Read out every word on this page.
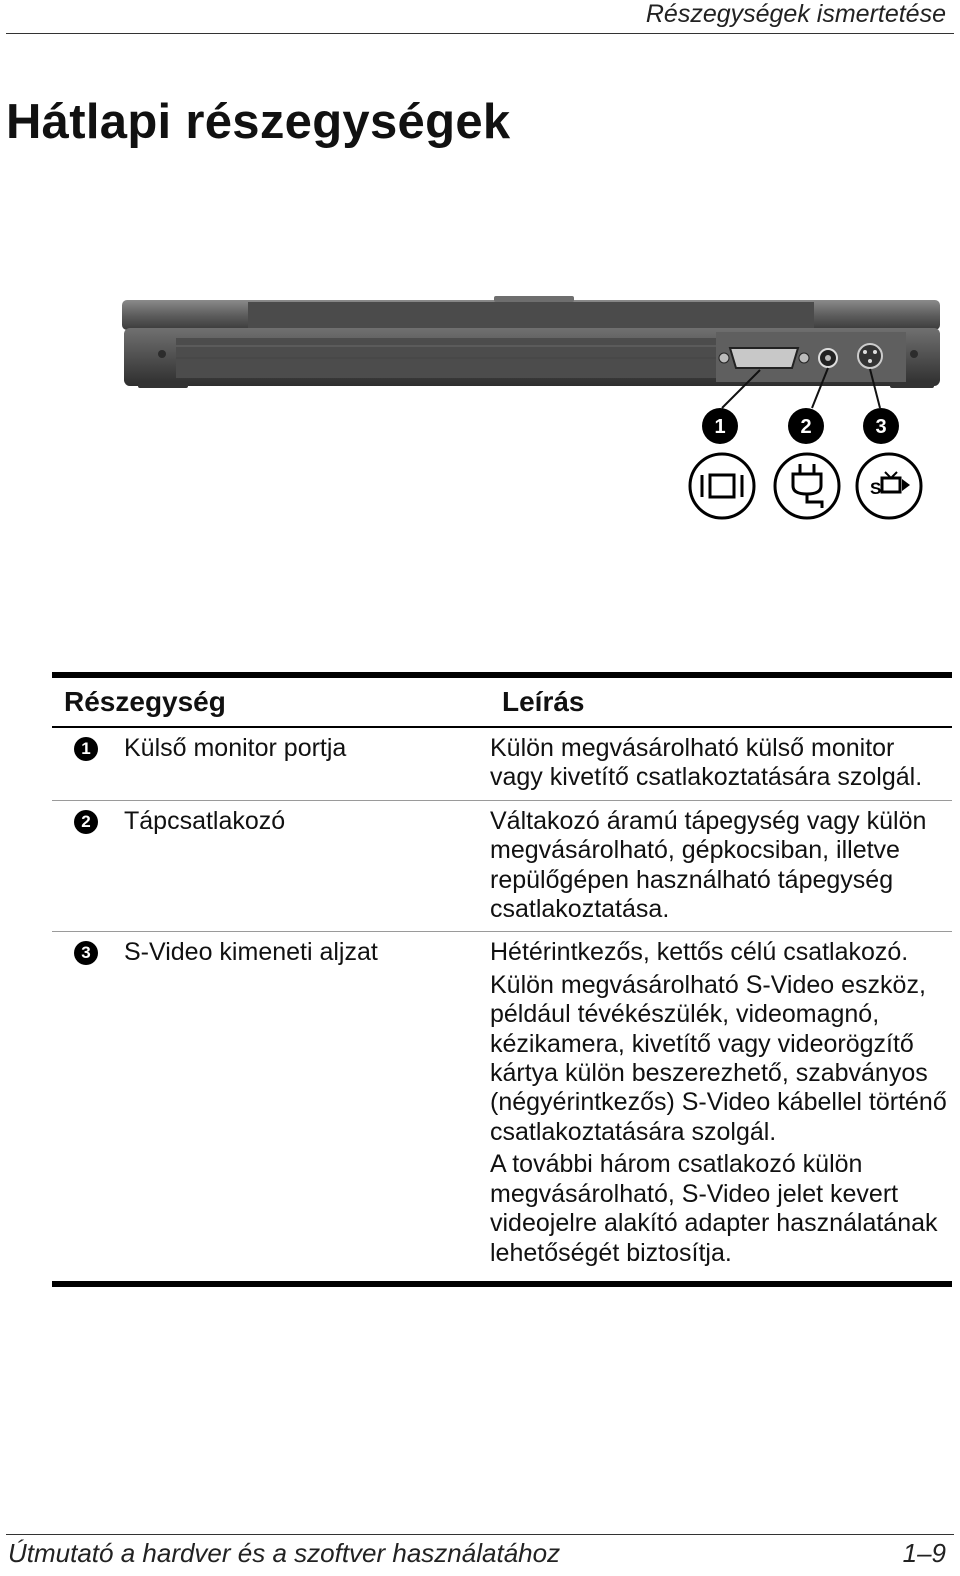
Részegységek ismertetése
Hátlapi részegységek
1	2	3
S
Részegység	Leírás
1	Külső monitor portja	Külön megvásárolható külső monitor vagy kivetítő csatlakoztatására szolgál.

2	Tápcsatlakozó	Váltakozó áramú tápegység vagy külön megvásárolható, gépkocsiban, illetve repülőgépen használható tápegység csatlakoztatása.

3	S-Video kimeneti aljzat	Hétérintkezős, kettős célú csatlakozó.

Külön megvásárolható S-Video eszköz, például tévékészülék, videomagnó, kézikamera, kivetítő vagy videorögzítő kártya külön beszerezhető, szabványos (négyérintkezős) S-Video kábellel történő csatlakoztatására szolgál.

A további három csatlakozó külön megvásárolható, S-Video jelet kevert videojelre alakító adapter használatának lehetőségét biztosítja.

Útmutató a hardver és a szoftver használatához	1–9
